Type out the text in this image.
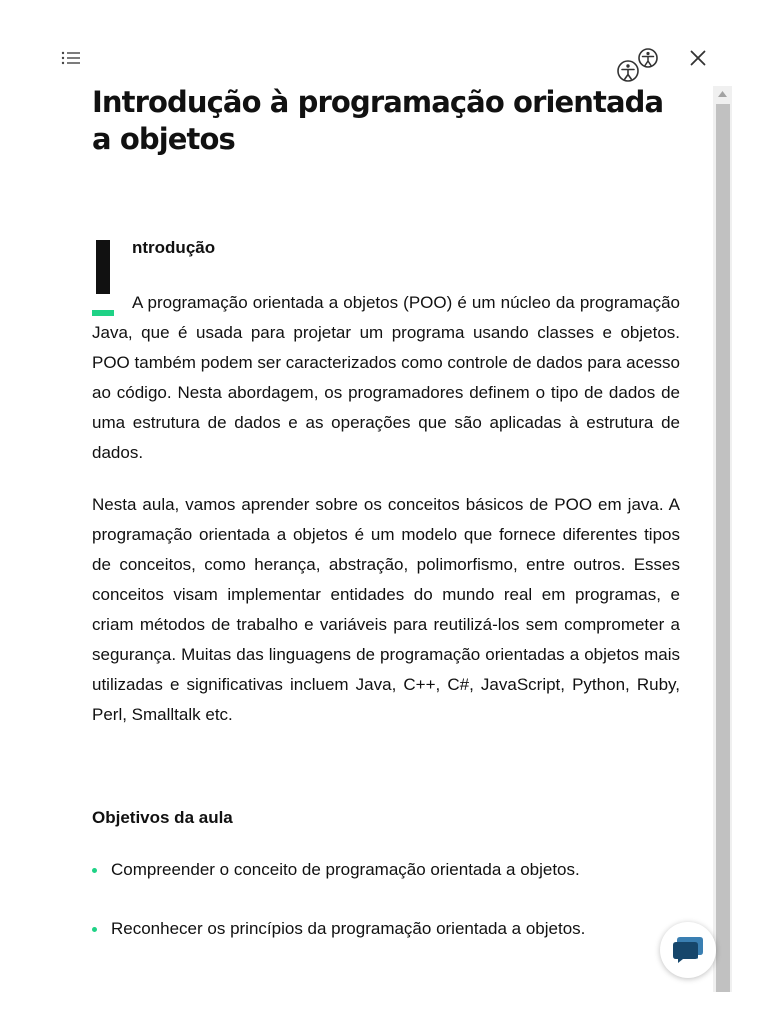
Introdução à programação orientada a objetos

ntrodução

A programação orientada a objetos (POO) é um núcleo da programação Java, que é usada para projetar um programa usando classes e objetos. POO também podem ser caracterizados como controle de dados para acesso ao código. Nesta abordagem, os programadores definem o tipo de dados de uma estrutura de dados e as operações que são aplicadas à estrutura de dados.

Nesta aula, vamos aprender sobre os conceitos básicos de POO em java. A programação orientada a objetos é um modelo que fornece diferentes tipos de conceitos, como herança, abstração, polimorfismo, entre outros. Esses conceitos visam implementar entidades do mundo real em programas, e criam métodos de trabalho e variáveis para reutilizá-los sem comprometer a segurança. Muitas das linguagens de programação orientadas a objetos mais utilizadas e significativas incluem Java, C++, C#, JavaScript, Python, Ruby, Perl, Smalltalk etc.

Objetivos da aula

Compreender o conceito de programação orientada a objetos.
Reconhecer os princípios da programação orientada a objetos.
